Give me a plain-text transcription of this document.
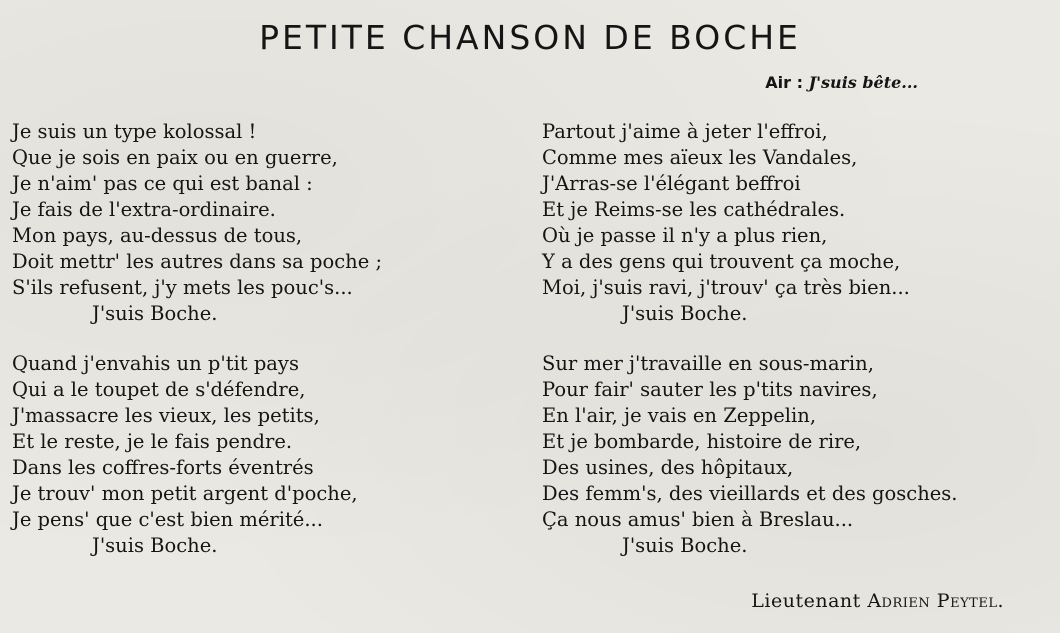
PETITE CHANSON DE BOCHE
Air : J'suis bête...
Je suis un type kolossal !
Que je sois en paix ou en guerre,
Je n'aim' pas ce qui est banal :
Je fais de l'extra-ordinaire.
Mon pays, au-dessus de tous,
Doit mettr' les autres dans sa poche ;
S'ils refusent, j'y mets les pouc's...
J'suis Boche.
Quand j'envahis un p'tit pays
Qui a le toupet de s'défendre,
J'massacre les vieux, les petits,
Et le reste, je le fais pendre.
Dans les coffres-forts éventrés
Je trouv' mon petit argent d'poche,
Je pens' que c'est bien mérité...
J'suis Boche.
Partout j'aime à jeter l'effroi,
Comme mes aïeux les Vandales,
J'Arras-se l'élégant beffroi
Et je Reims-se les cathédrales.
Où je passe il n'y a plus rien,
Y a des gens qui trouvent ça moche,
Moi, j'suis ravi, j'trouv' ça très bien...
J'suis Boche.
Sur mer j'travaille en sous-marin,
Pour fair' sauter les p'tits navires,
En l'air, je vais en Zeppelin,
Et je bombarde, histoire de rire,
Des usines, des hôpitaux,
Des femm's, des vieillards et des gosches.
Ça nous amus' bien à Breslau...
J'suis Boche.
Lieutenant Adrien Peytel.
